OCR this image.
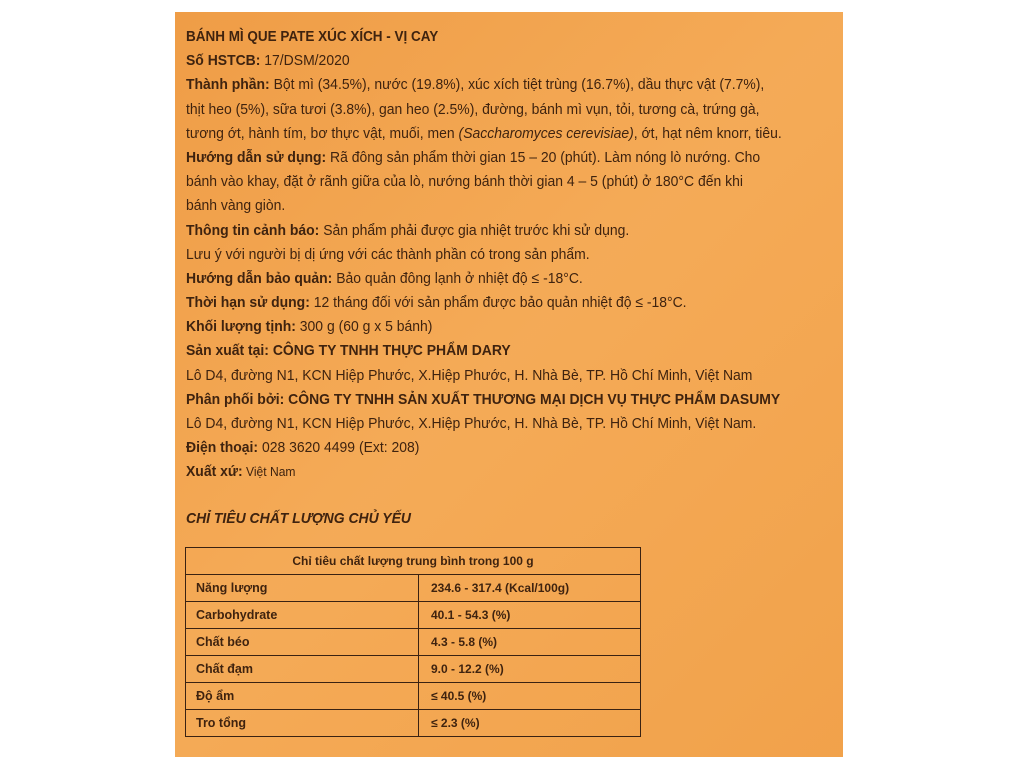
BÁNH MÌ QUE PATE XÚC XÍCH - VỊ CAY
Số HSTCB: 17/DSM/2020
Thành phần: Bột mì (34.5%), nước (19.8%), xúc xích tiệt trùng (16.7%), dầu thực vật (7.7%),
thịt heo (5%), sữa tươi (3.8%), gan heo (2.5%), đường, bánh mì vụn, tỏi, tương cà, trứng gà,
tương ớt, hành tím, bơ thực vật, muối, men (Saccharomyces cerevisiae), ớt, hạt nêm knorr, tiêu.
Hướng dẫn sử dụng: Rã đông sản phẩm thời gian 15 – 20 (phút). Làm nóng lò nướng. Cho
bánh vào khay, đặt ở rãnh giữa của lò, nướng bánh thời gian 4 – 5 (phút) ở 180°C đến khi
bánh vàng giòn.
Thông tin cảnh báo: Sản phẩm phải được gia nhiệt trước khi sử dụng.
Lưu ý với người bị dị ứng với các thành phần có trong sản phẩm.
Hướng dẫn bảo quản: Bảo quản đông lạnh ở nhiệt độ ≤ -18°C.
Thời hạn sử dụng: 12 tháng đối với sản phẩm được bảo quản nhiệt độ ≤ -18°C.
Khối lượng tịnh: 300 g (60 g x 5 bánh)
Sản xuất tại: CÔNG TY TNHH THỰC PHẨM DARY
Lô D4, đường N1, KCN Hiệp Phước, X.Hiệp Phước, H. Nhà Bè, TP. Hồ Chí Minh, Việt Nam
Phân phối bởi: CÔNG TY TNHH SẢN XUẤT THƯƠNG MẠI DỊCH VỤ THỰC PHẨM DASUMY
Lô D4, đường N1, KCN Hiệp Phước, X.Hiệp Phước, H. Nhà Bè, TP. Hồ Chí Minh, Việt Nam.
Điện thoại: 028 3620 4499 (Ext: 208)
Xuất xứ: Việt Nam
CHỈ TIÊU CHẤT LƯỢNG CHỦ YẾU
Chỉ tiêu chất lượng trung bình trong 100 g	
Năng lượng	234.6 - 317.4 (Kcal/100g)
Carbohydrate	40.1 - 54.3 (%)
Chất béo	4.3 - 5.8 (%)
Chất đạm	9.0 - 12.2 (%)
Độ ẩm	≤ 40.5 (%)
Tro tổng	≤ 2.3 (%)
